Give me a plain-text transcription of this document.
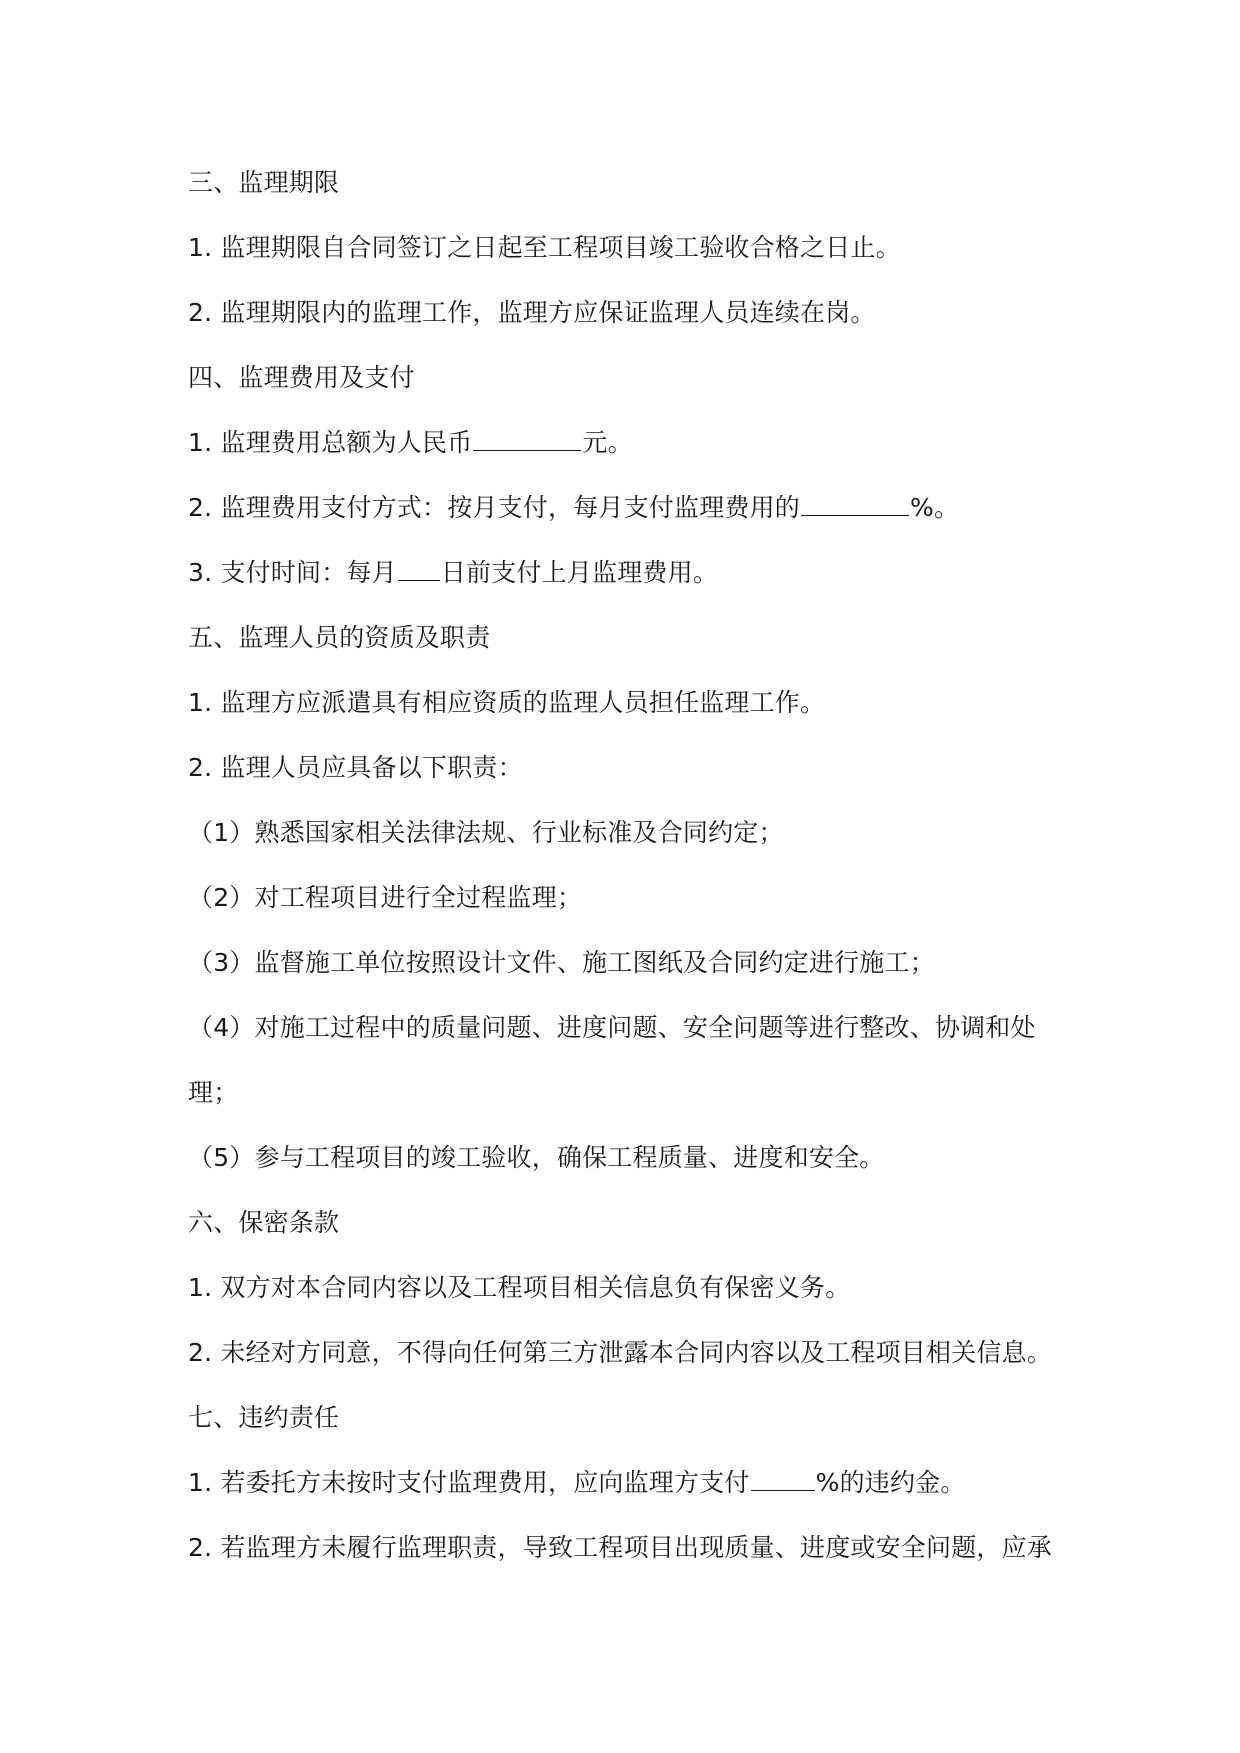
三、监理期限
1. 监理期限自合同签订之日起至工程项目竣工验收合格之日止。
2. 监理期限内的监理工作，监理方应保证监理人员连续在岗。
四、监理费用及支付
1. 监理费用总额为人民币	元。
2. 监理费用支付方式：按月支付，每月支付监理费用的	%。
3. 支付时间：每月 日前支付上月监理费用。
五、监理人员的资质及职责
1. 监理方应派遣具有相应资质的监理人员担任监理工作。
2. 监理人员应具备以下职责：
（1）熟悉国家相关法律法规、行业标准及合同约定；
（2）对工程项目进行全过程监理；
（3）监督施工单位按照设计文件、施工图纸及合同约定进行施工；
（4）对施工过程中的质量问题、进度问题、安全问题等进行整改、协调和处
理；
（5）参与工程项目的竣工验收，确保工程质量、进度和安全。
六、保密条款
1. 双方对本合同内容以及工程项目相关信息负有保密义务。
2. 未经对方同意，不得向任何第三方泄露本合同内容以及工程项目相关信息。
七、违约责任
1. 若委托方未按时支付监理费用，应向监理方支付	%的违约金。
2. 若监理方未履行监理职责，导致工程项目出现质量、进度或安全问题，应承
